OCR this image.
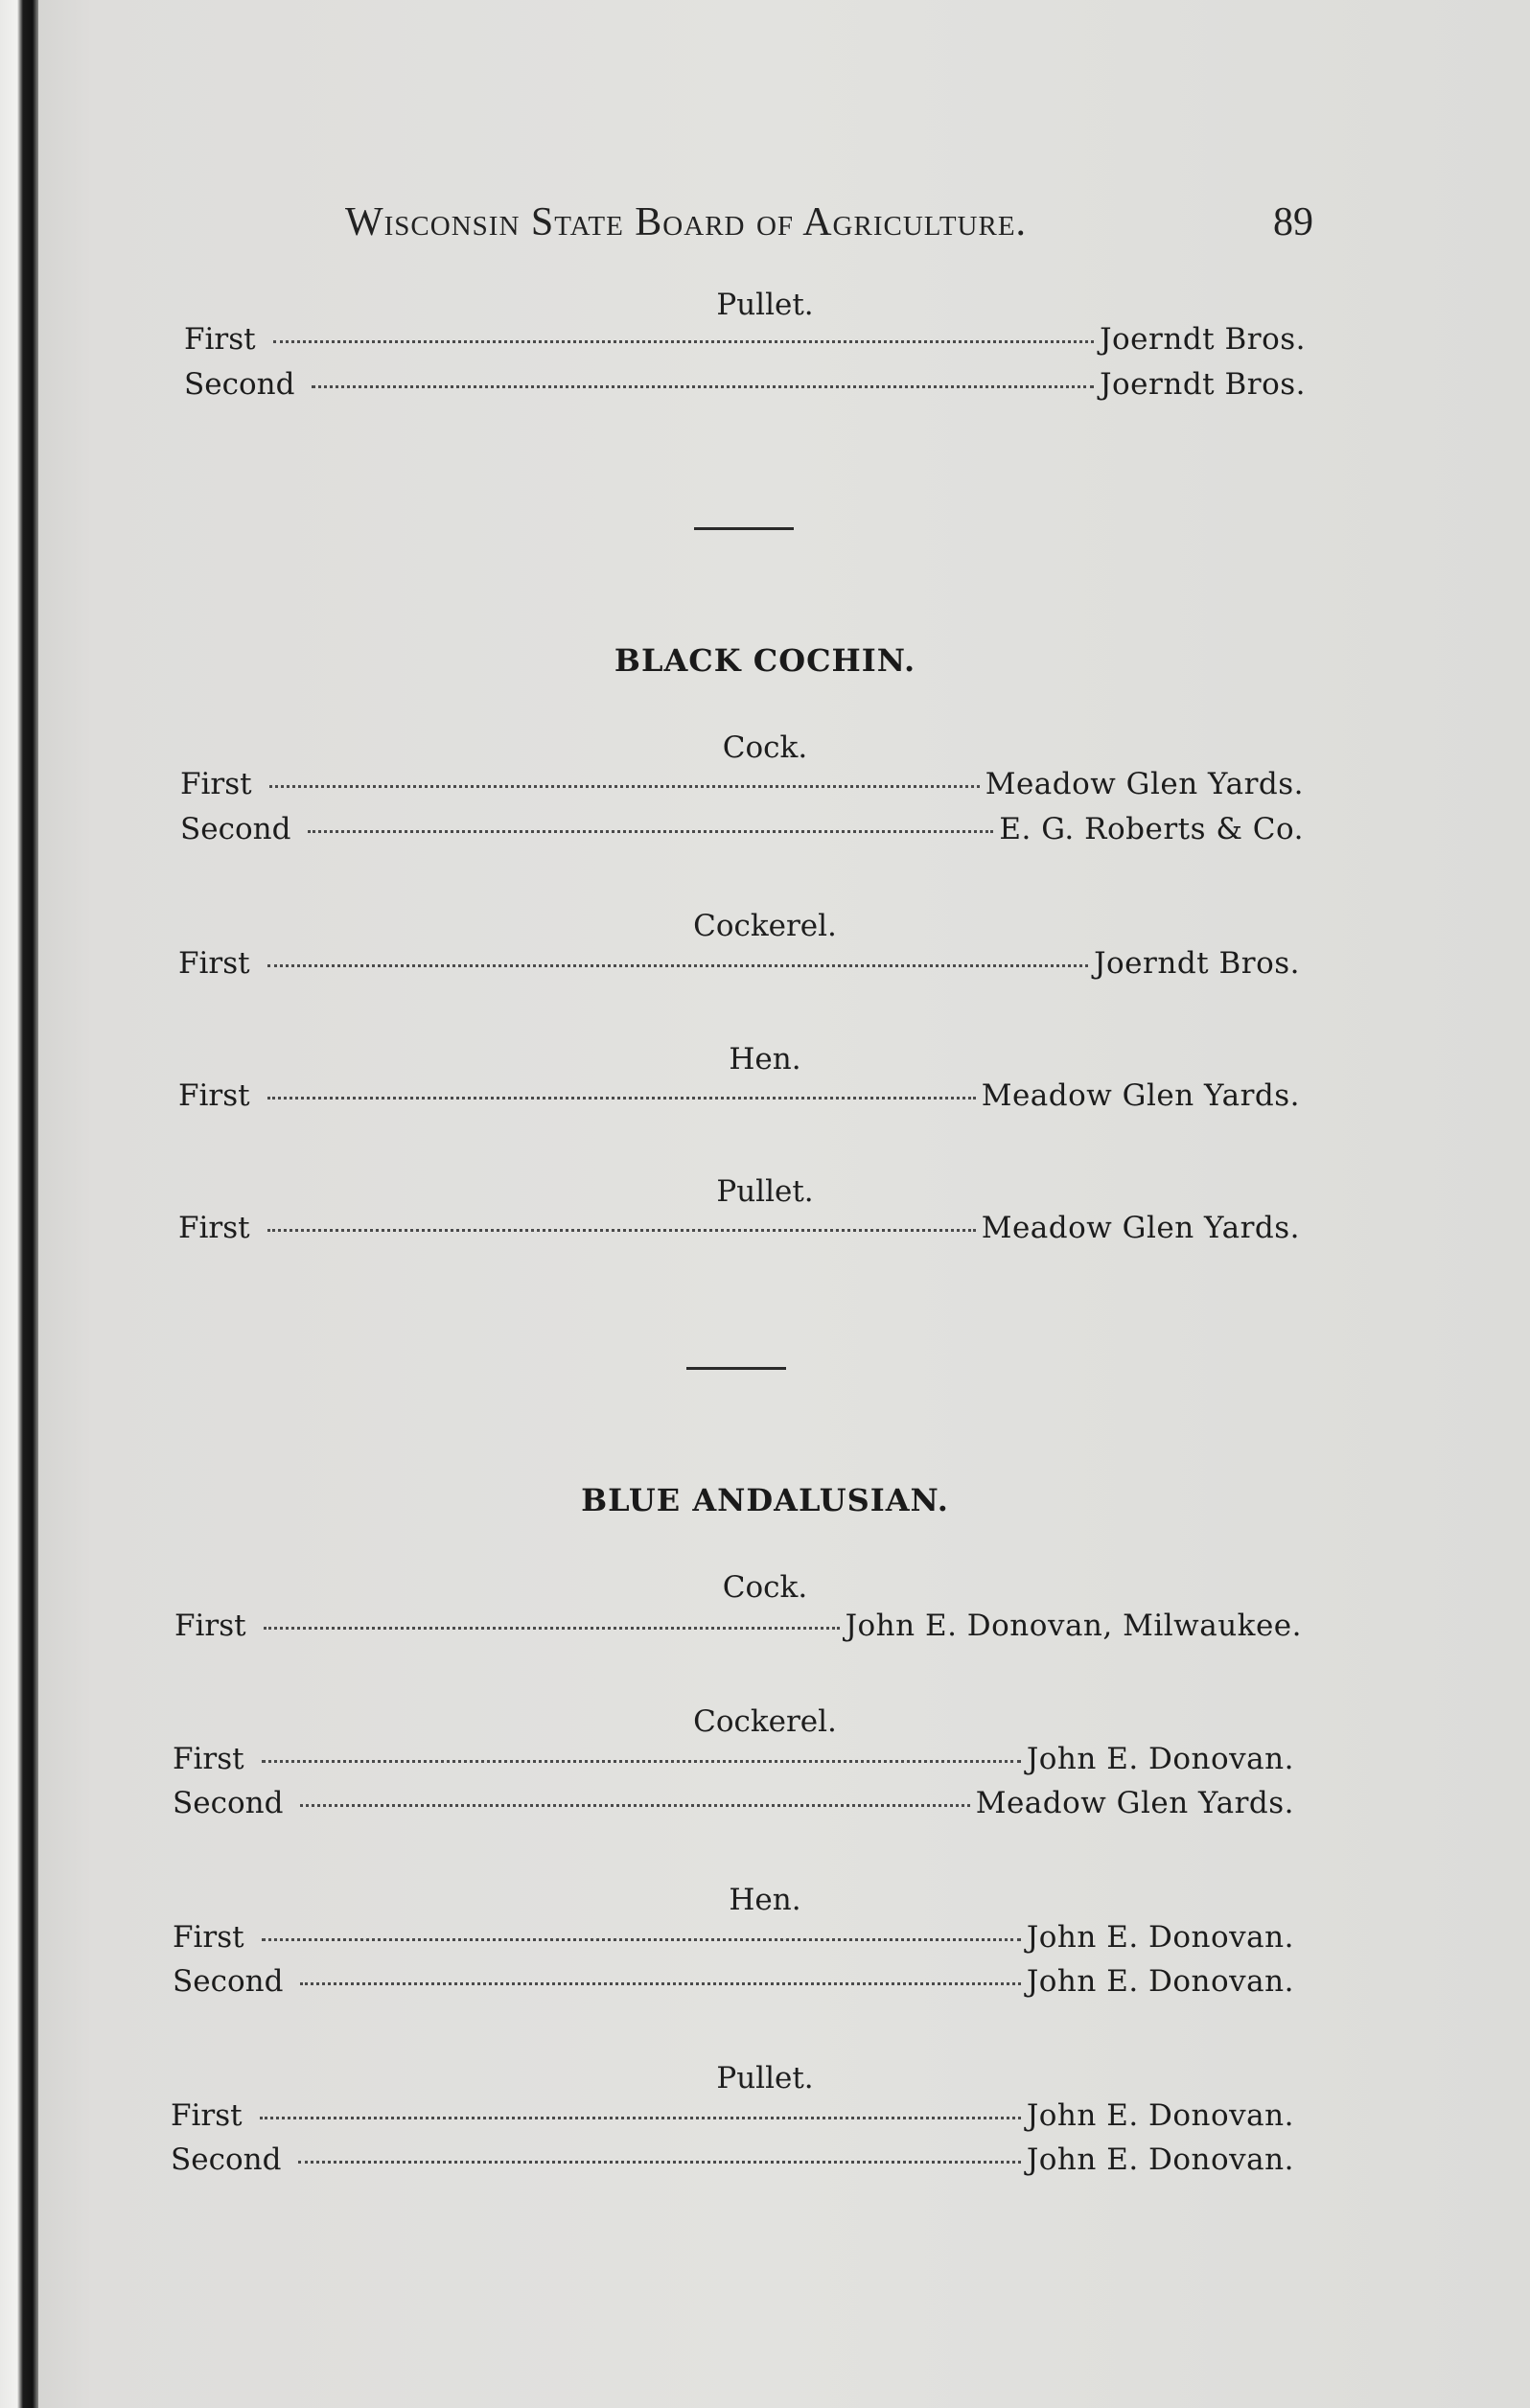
Wisconsin State Board of Agriculture.	89
Pullet.
First	Joerndt Bros.
Second	Joerndt Bros.
BLACK COCHIN.
Cock.
First	Meadow Glen Yards.
Second	E. G. Roberts & Co.
Cockerel.
First	Joerndt Bros.
Hen.
First	Meadow Glen Yards.
Pullet.
First	Meadow Glen Yards.
BLUE ANDALUSIAN.
Cock.
First	John E. Donovan, Milwaukee.
Cockerel.
First	John E. Donovan.
Second	Meadow Glen Yards.
Hen.
First	John E. Donovan.
Second	John E. Donovan.
Pullet.
First	John E. Donovan.
Second	John E. Donovan.
